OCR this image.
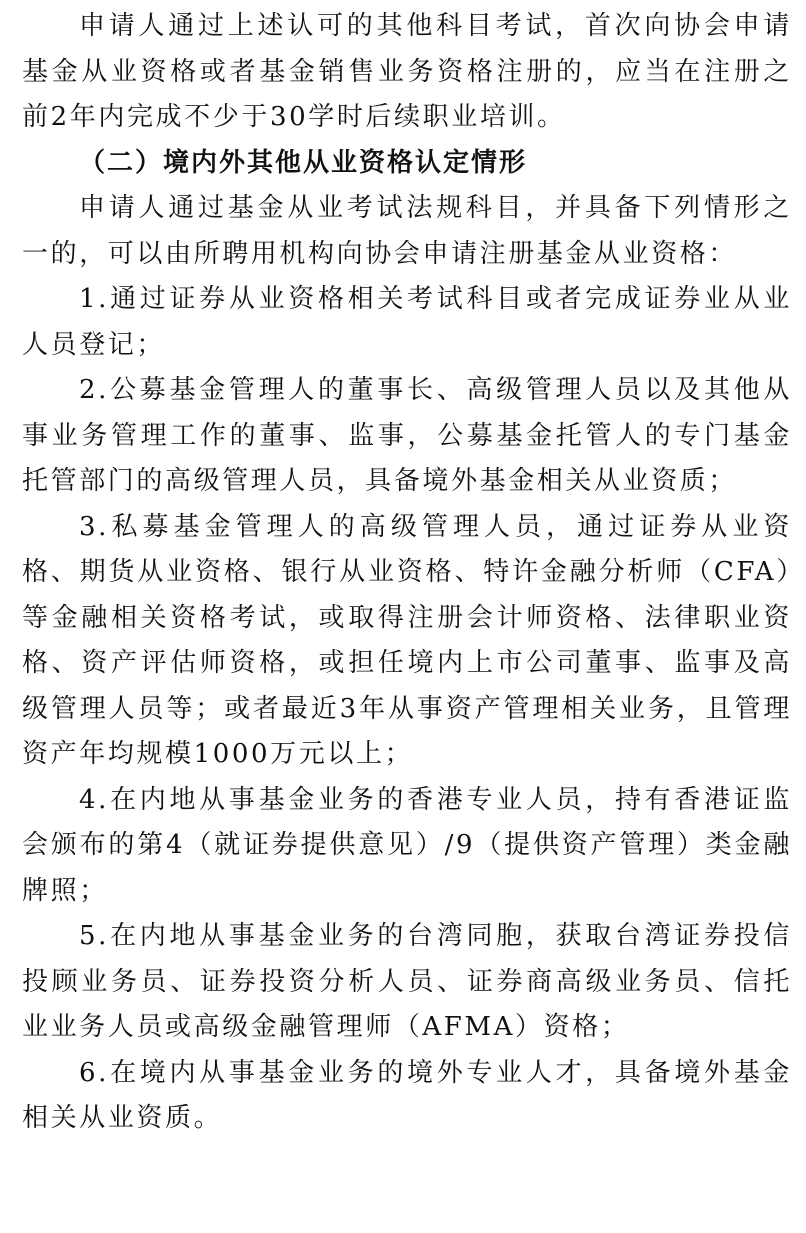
申请人通过上述认可的其他科目考试，首次向协会申请基金从业资格或者基金销售业务资格注册的，应当在注册之前2年内完成不少于30学时后续职业培训。

（二）境内外其他从业资格认定情形

申请人通过基金从业考试法规科目，并具备下列情形之一的，可以由所聘用机构向协会申请注册基金从业资格：

1.通过证券从业资格相关考试科目或者完成证券业从业人员登记；

2.公募基金管理人的董事长、高级管理人员以及其他从事业务管理工作的董事、监事，公募基金托管人的专门基金托管部门的高级管理人员，具备境外基金相关从业资质；

3.私募基金管理人的高级管理人员，通过证券从业资格、期货从业资格、银行从业资格、特许金融分析师（CFA）等金融相关资格考试，或取得注册会计师资格、法律职业资格、资产评估师资格，或担任境内上市公司董事、监事及高级管理人员等；或者最近3年从事资产管理相关业务，且管理资产年均规模1000万元以上；

4.在内地从事基金业务的香港专业人员，持有香港证监会颁布的第4（就证券提供意见）/9（提供资产管理）类金融牌照；

5.在内地从事基金业务的台湾同胞，获取台湾证券投信投顾业务员、证券投资分析人员、证券商高级业务员、信托业业务人员或高级金融管理师（AFMA）资格；

6.在境内从事基金业务的境外专业人才，具备境外基金相关从业资质。
